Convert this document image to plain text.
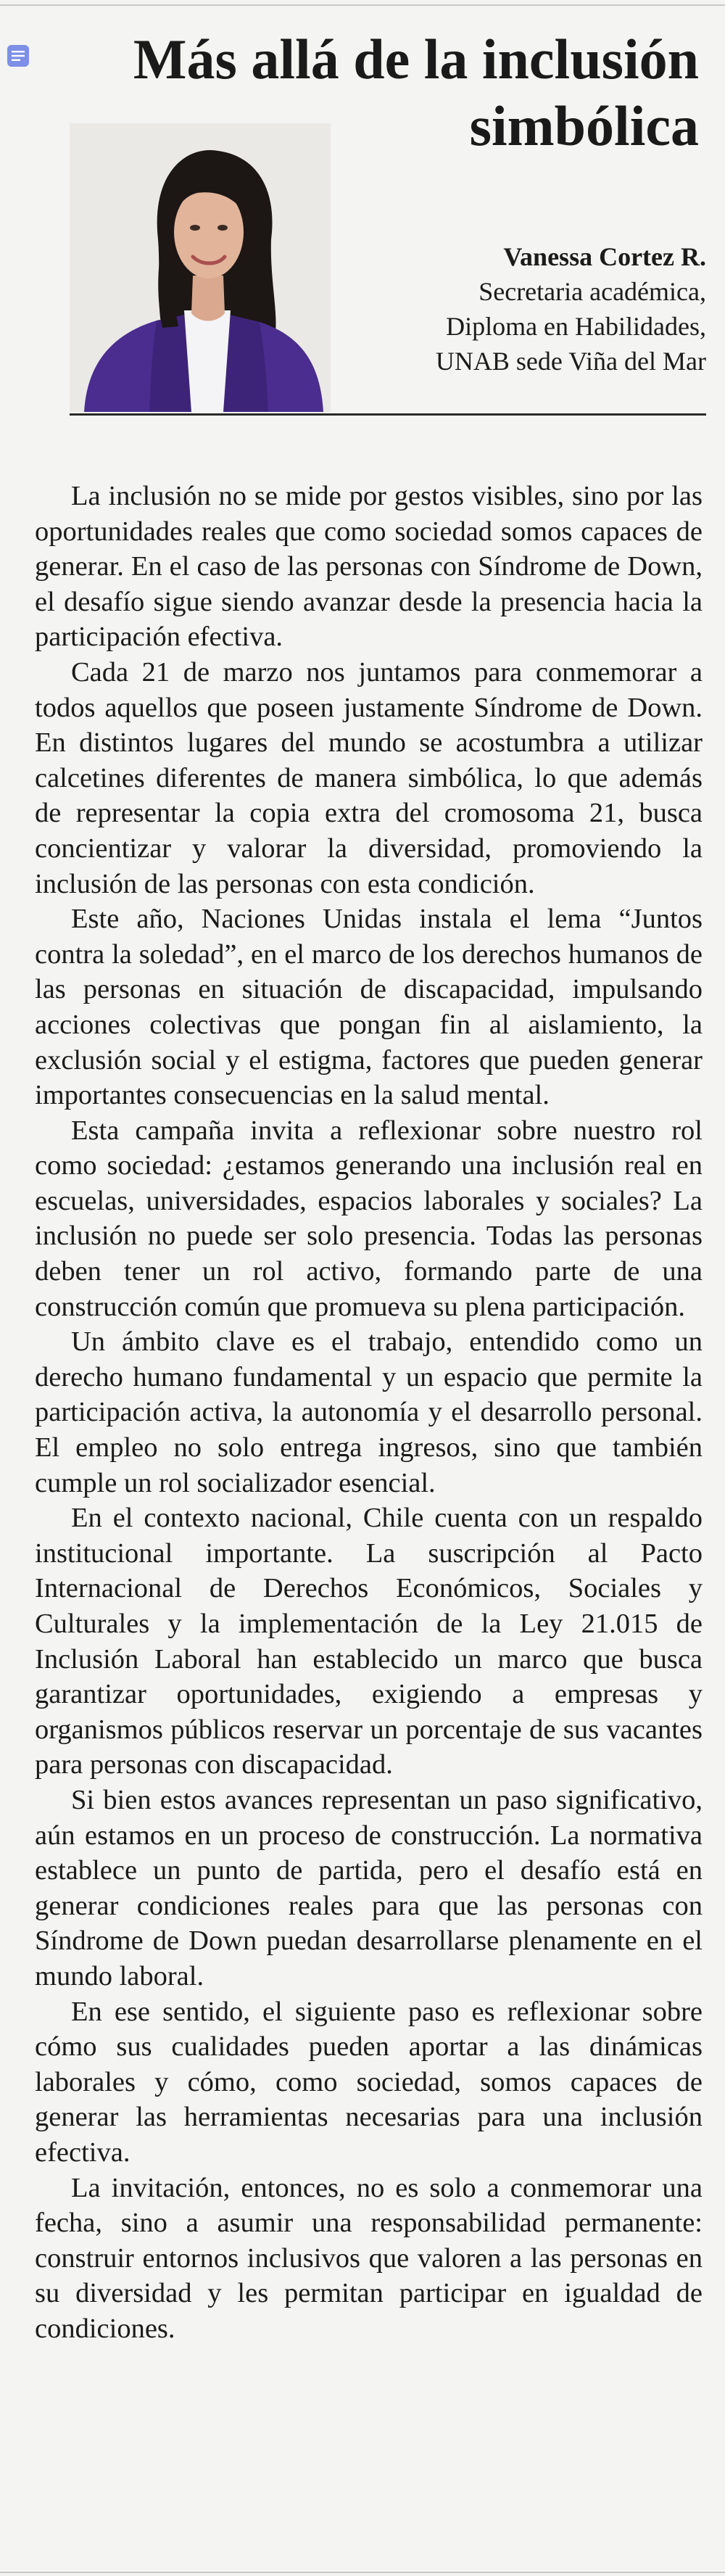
Más allá de la inclusión simbólica
Vanessa Cortez R.
Secretaria académica,
Diploma en Habilidades,
UNAB sede Viña del Mar

La inclusión no se mide por gestos visibles, sino por las oportunidades reales que como sociedad somos capaces de generar. En el caso de las personas con Síndrome de Down, el desafío sigue siendo avanzar desde la presencia hacia la participación efectiva.

Cada 21 de marzo nos juntamos para conmemorar a todos aquellos que poseen justamente Síndrome de Down. En distintos lugares del mundo se acostumbra a utilizar calcetines diferentes de manera simbólica, lo que además de representar la copia extra del cromosoma 21, busca concientizar y valorar la diversidad, promoviendo la inclusión de las personas con esta condición.

Este año, Naciones Unidas instala el lema “Juntos contra la soledad”, en el marco de los derechos humanos de las personas en situación de discapacidad, impulsando acciones colectivas que pongan fin al aislamiento, la exclusión social y el estigma, factores que pueden generar importantes consecuencias en la salud mental.

Esta campaña invita a reflexionar sobre nuestro rol como sociedad: ¿estamos generando una inclusión real en escuelas, universidades, espacios laborales y sociales? La inclusión no puede ser solo presencia. Todas las personas deben tener un rol activo, formando parte de una construcción común que promueva su plena participación.

Un ámbito clave es el trabajo, entendido como un derecho humano fundamental y un espacio que permite la participación activa, la autonomía y el desarrollo personal. El empleo no solo entrega ingresos, sino que también cumple un rol socializador esencial.

En el contexto nacional, Chile cuenta con un respaldo institucional importante. La suscripción al Pacto Internacional de Derechos Económicos, Sociales y Culturales y la implementación de la Ley 21.015 de Inclusión Laboral han establecido un marco que busca garantizar oportunidades, exigiendo a empresas y organismos públicos reservar un porcentaje de sus vacantes para personas con discapacidad.

Si bien estos avances representan un paso significativo, aún estamos en un proceso de construcción. La normativa establece un punto de partida, pero el desafío está en generar condiciones reales para que las personas con Síndrome de Down puedan desarrollarse plenamente en el mundo laboral.

En ese sentido, el siguiente paso es reflexionar sobre cómo sus cualidades pueden aportar a las dinámicas laborales y cómo, como sociedad, somos capaces de generar las herramientas necesarias para una inclusión efectiva.

La invitación, entonces, no es solo a conmemorar una fecha, sino a asumir una responsabilidad permanente: construir entornos inclusivos que valoren a las personas en su diversidad y les permitan participar en igualdad de condiciones.
